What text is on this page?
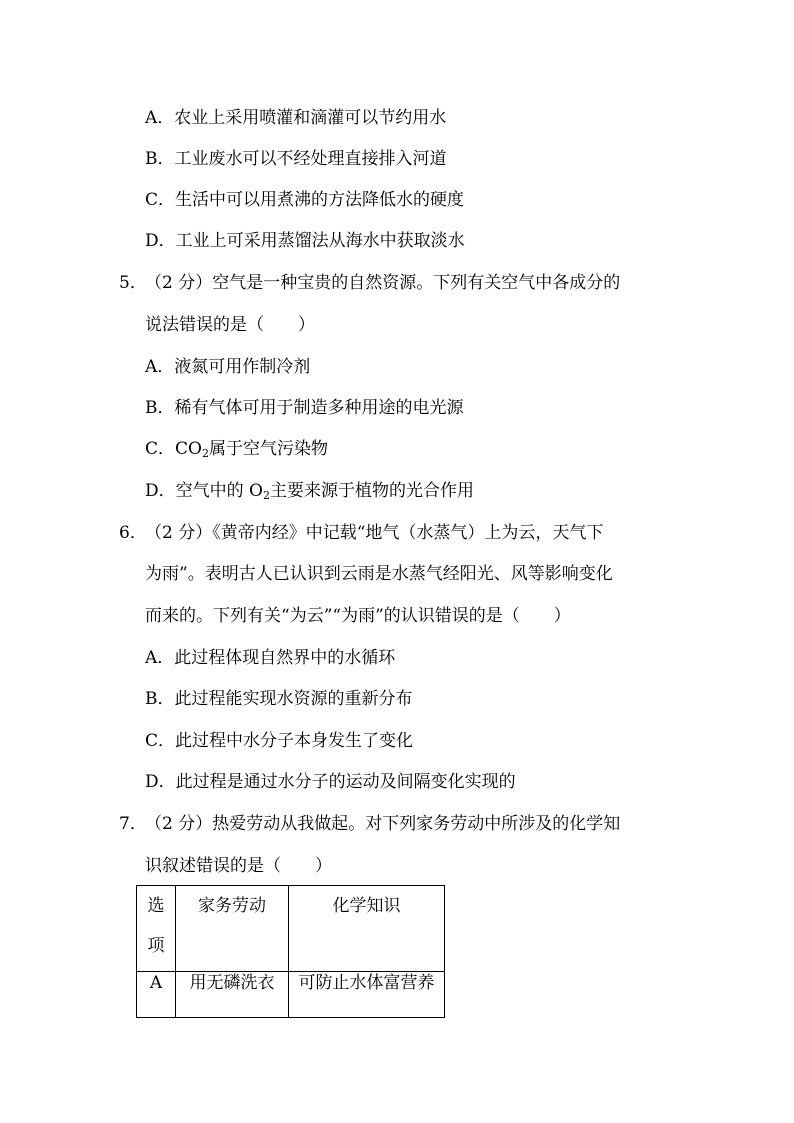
A．农业上采用喷灌和滴灌可以节约用水
B．工业废水可以不经处理直接排入河道
C．生活中可以用煮沸的方法降低水的硬度
D．工业上可采用蒸馏法从海水中获取淡水
5．
（2 分）空气是一种宝贵的自然资源。下列有关空气中各成分的
说法错误的是（　　）
A．液氮可用作制冷剂
B．稀有气体可用于制造多种用途的电光源
C．$CO_2$属于空气污染物
D．空气中的 $O_2$主要来源于植物的光合作用
6．
（2 分）《黄帝内经》中记载“地气（水蒸气）上为云，天气下
为雨”。表明古人已认识到云雨是水蒸气经阳光、风等影响变化
而来的。下列有关“为云”“为雨”的认识错误的是（　　）
A．此过程体现自然界中的水循环
B．此过程能实现水资源的重新分布
C．此过程中水分子本身发生了变化
D．此过程是通过水分子的运动及间隔变化实现的
7．
（2 分）热爱劳动从我做起。对下列家务劳动中所涉及的化学知
识叙述错误的是（　　）
选
项	家务劳动	化学知识
A	用无磷洗衣	可防止水体富营养
